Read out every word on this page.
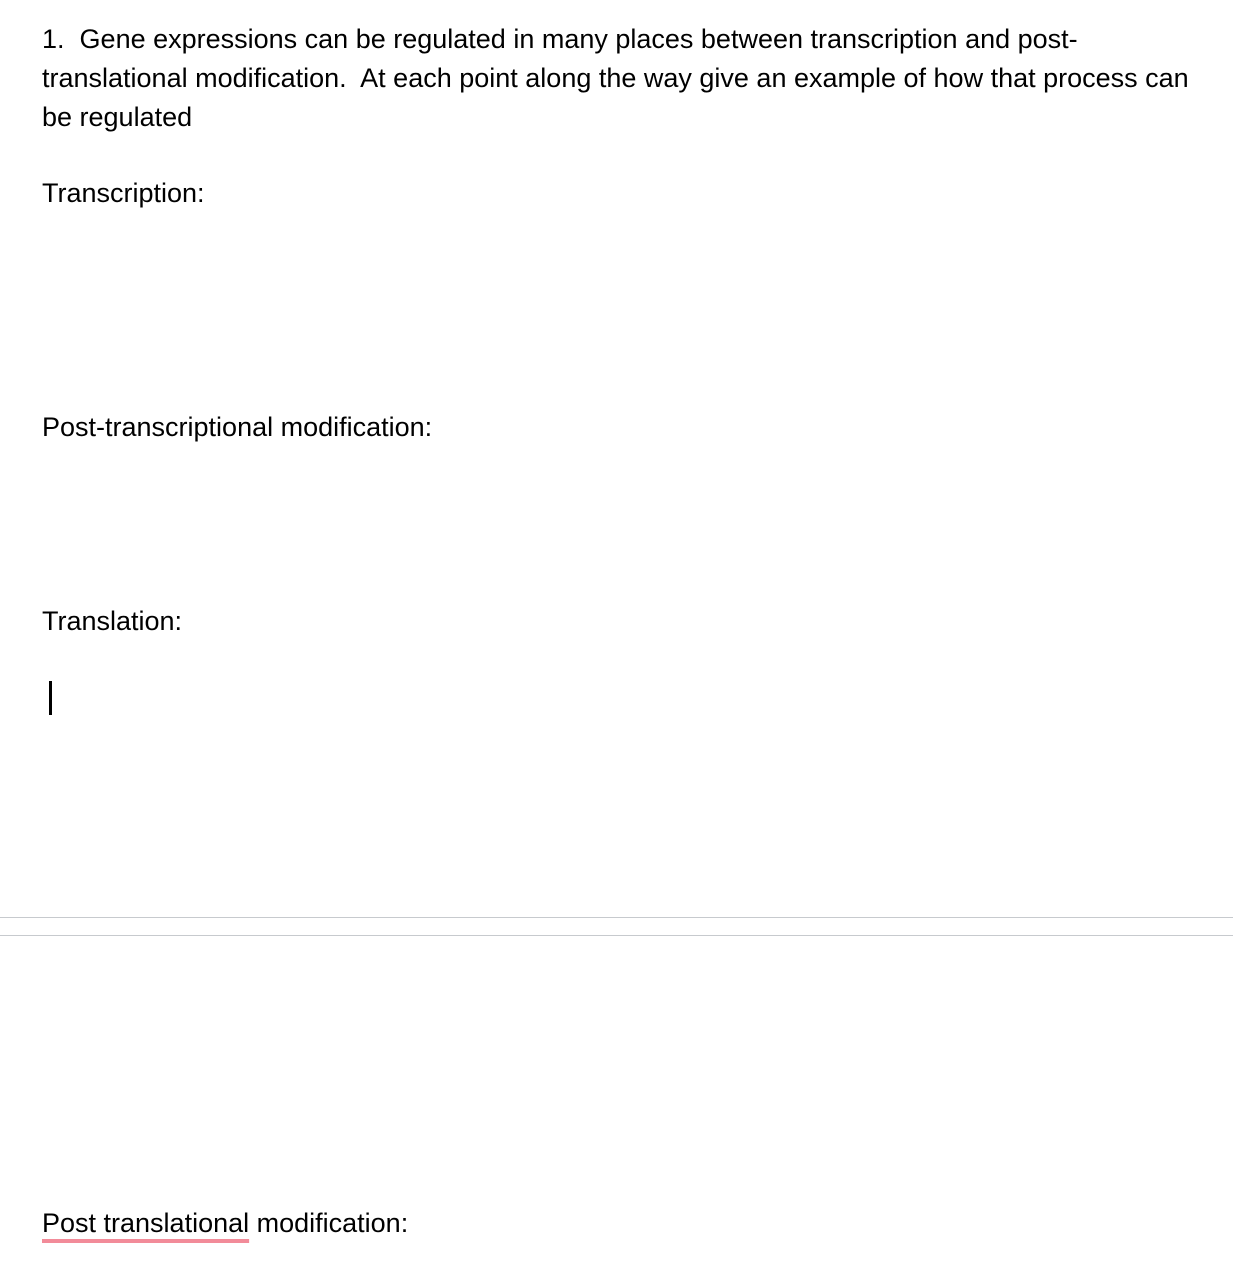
1. Gene expressions can be regulated in many places between transcription and post-translational modification.  At each point along the way give an example of how that process can be regulated

Transcription:

Post-transcriptional modification:

Translation:

Post translational modification:
